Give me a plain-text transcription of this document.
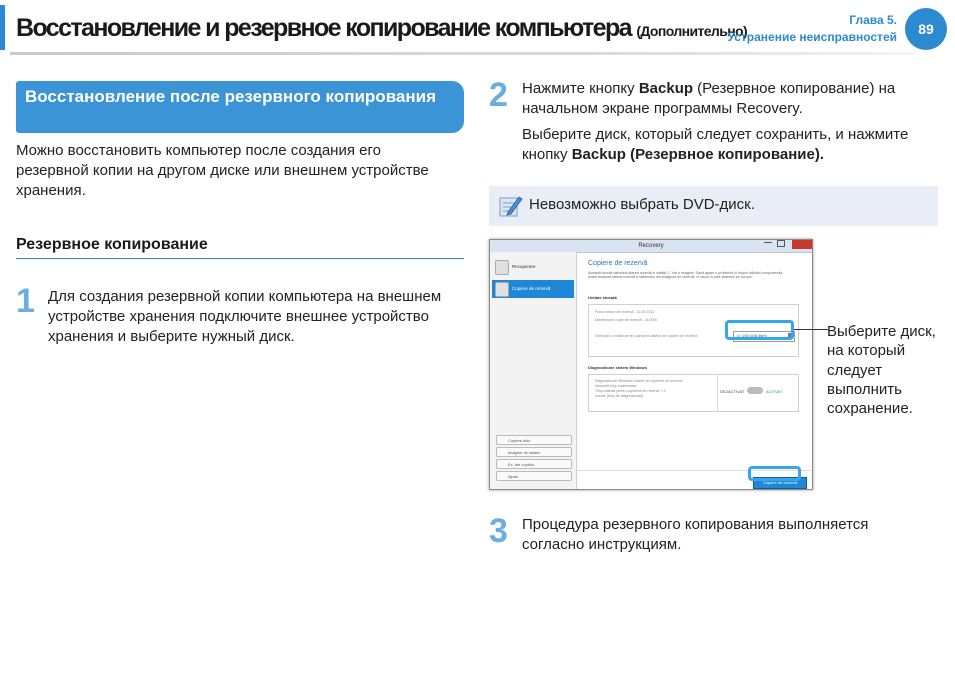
Восстановление и резервное копирование компьютера (Дополнительно)
Глава 5.
Устранение неисправностей	89
Восстановление после резервного копирования
Можно восстановить компьютер после создания его резервной копии на другом диске или внешнем устройстве хранения.
Резервное копирование
1 Для создания резервной копии компьютера на внешнем устройстве хранения подключите внешнее устройство хранения и выберите нужный диск.
2 Нажмите кнопку Backup (Резервное копирование) на начальном экране программы Recovery.
Выберите диск, который следует сохранить, и нажмите кнопку Backup (Резервное копирование).
Невозможно выбрать DVD-диск.
Recovery
Recuperare
Copiere de rezervă
Copiere disc
Imagine de sistem
Ex. ale copiilor
Ajutor
Copiere de rezervă
Această funcție salvează starea curentă a unității C: într-o imagine. Dacă apare o problemă în timpul utilizării computerului, puteți restaura starea curentă a sistemului din imaginea de rezervă, în cazul în care sistemul se corupe.
Unitate stocată
Punct creare de rezervă : 12.09.2012
Dimensiune copie de rezervă : 14.0GB
Selectați o unitate pentru salvarea datelor de copiere de rezervă.	D: (200.0GB liberi)
Diagnosticare sistem Windows
Diagnosticare Windows înainte de copierea de rezervă.
Necesită timp suplimentar.
Timp estimat pentru copierea de rezervă + 2
minute (timp de diagnosticare)
DEZACTIVAT	ACTIVAT
Copiere de rezervă
Выберите диск, на который следует выполнить сохранение.
3 Процедура резервного копирования выполняется согласно инструкциям.
